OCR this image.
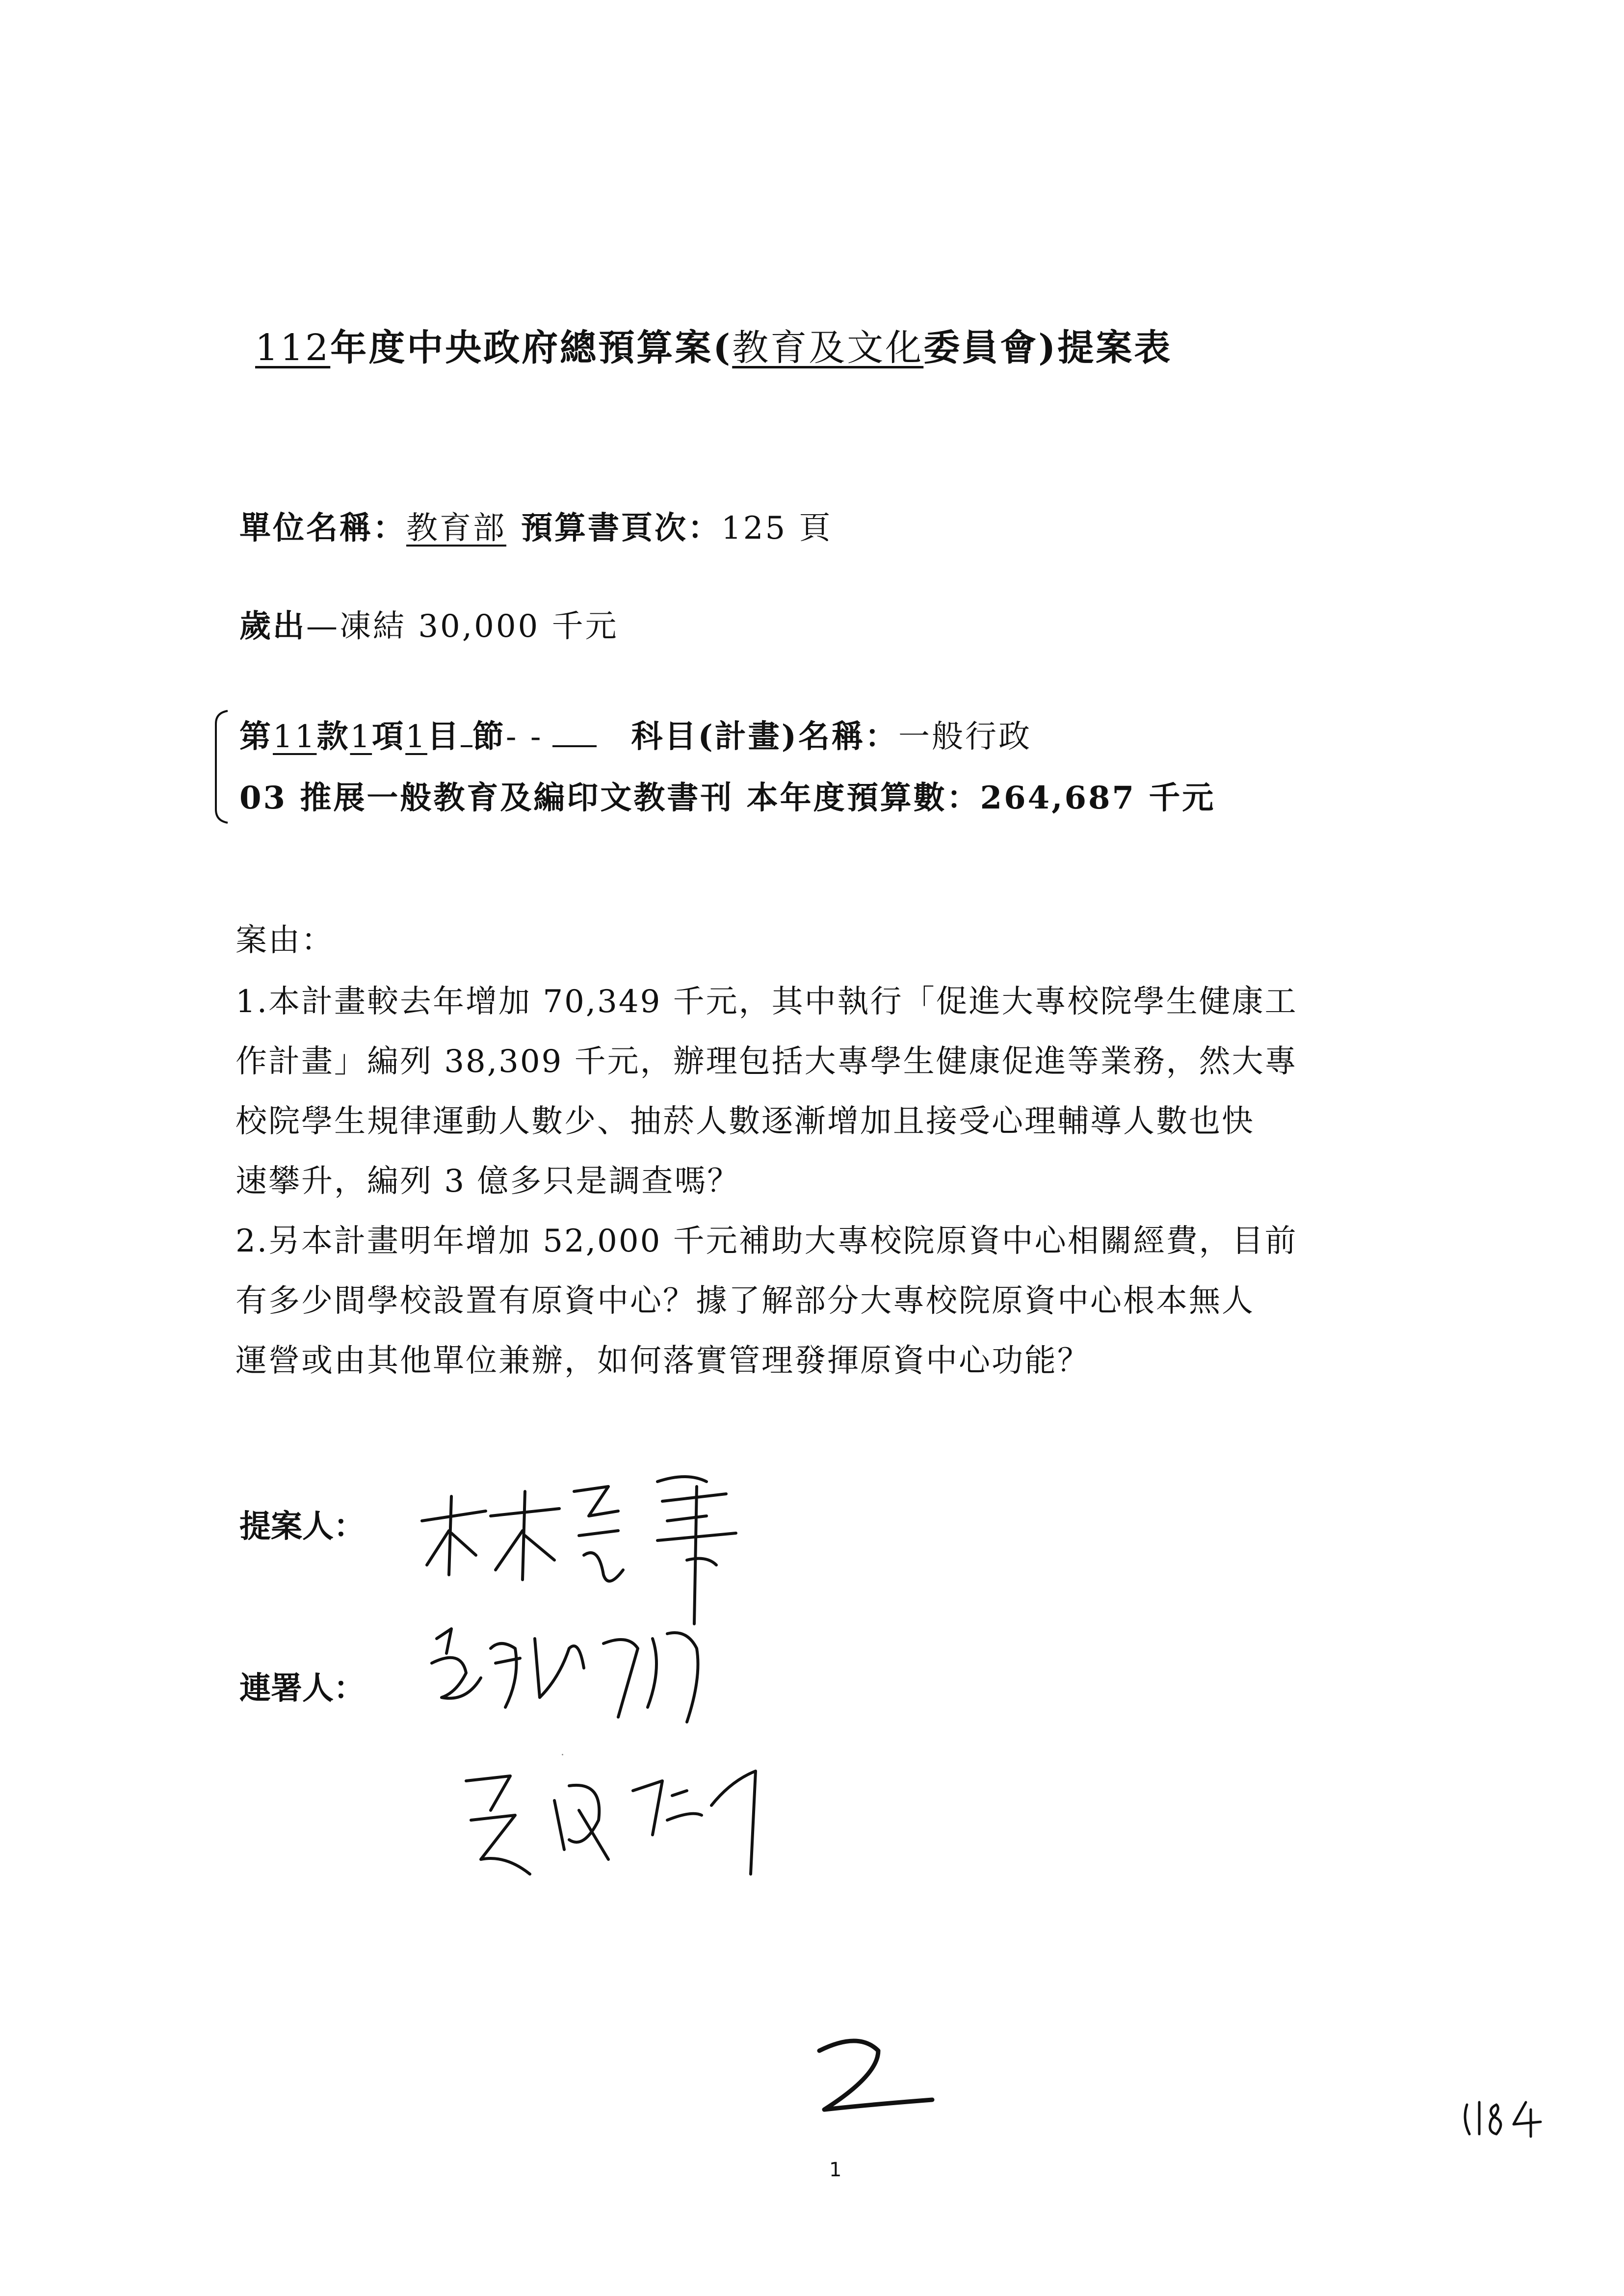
112年度中央政府總預算案(教育及文化委員會)提案表
單位名稱：教育部 預算書頁次：125 頁
歲出—凍結 30,000 千元
第11款1項1目 節- -	科目(計畫)名稱：一般行政
03 推展一般教育及編印文教書刊 本年度預算數：264,687 千元
案由：
1.本計畫較去年增加 70,349 千元，其中執行「促進大專校院學生健康工
作計畫」編列 38,309 千元，辦理包括大專學生健康促進等業務，然大專
校院學生規律運動人數少、抽菸人數逐漸增加且接受心理輔導人數也快
速攀升，編列 3 億多只是調查嗎？
2.另本計畫明年增加 52,000 千元補助大專校院原資中心相關經費，目前
有多少間學校設置有原資中心？據了解部分大專校院原資中心根本無人
運營或由其他單位兼辦，如何落實管理發揮原資中心功能？
提案人：
連署人：
2
184
1
